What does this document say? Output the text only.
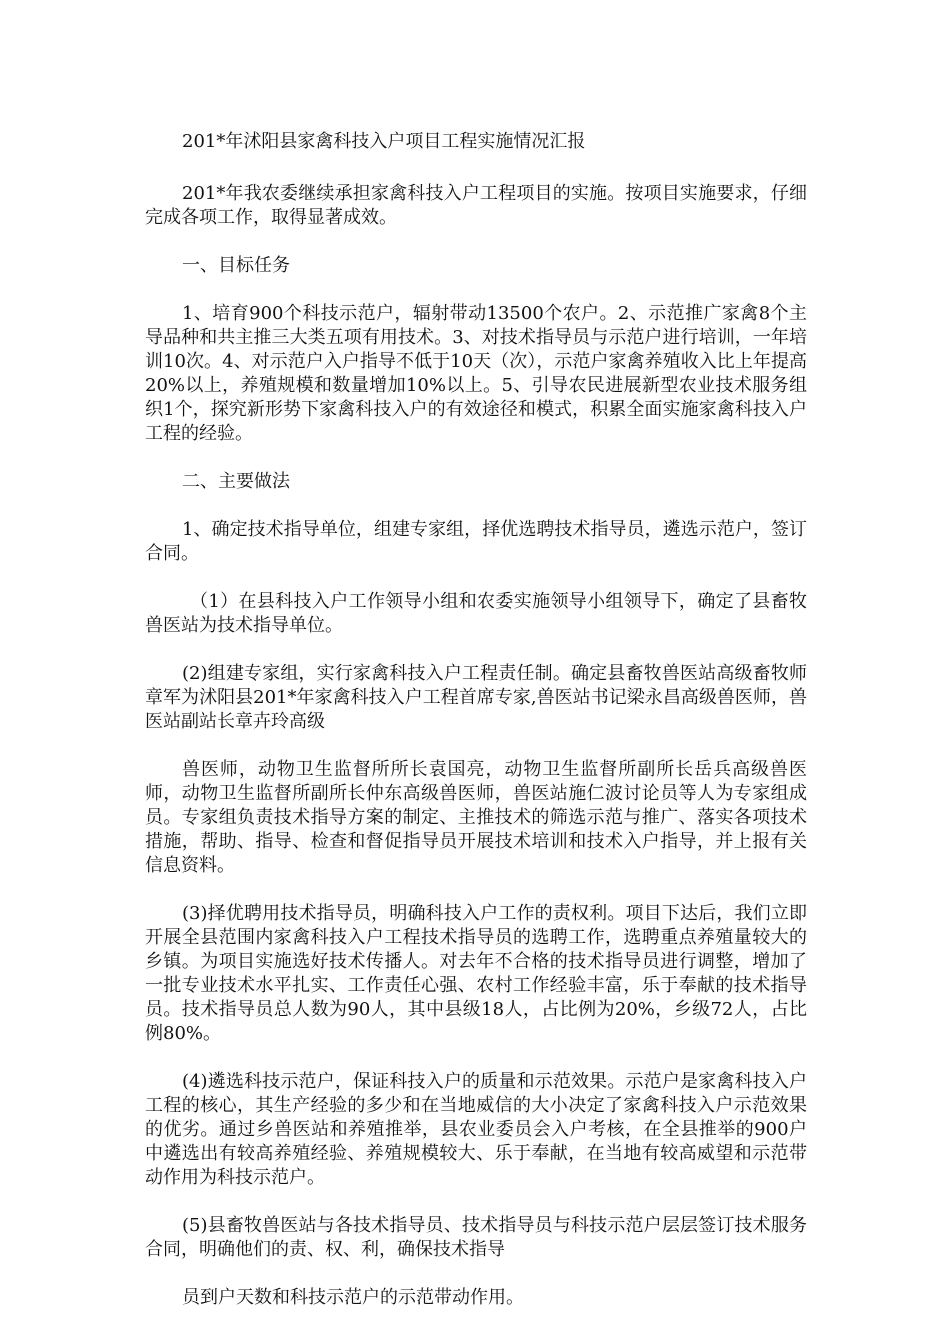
201*年沭阳县家禽科技入户项目工程实施情况汇报

201*年我农委继续承担家禽科技入户工程项目的实施。按项目实施要求，仔细完成各项工作，取得显著成效。

一、目标任务

1、培育900个科技示范户，辐射带动13500个农户。2、示范推广家禽8个主导品种和共主推三大类五项有用技术。3、对技术指导员与示范户进行培训，一年培训10次。4、对示范户入户指导不低于10天（次），示范户家禽养殖收入比上年提高20%以上，养殖规模和数量增加10%以上。5、引导农民进展新型农业技术服务组织1个，探究新形势下家禽科技入户的有效途径和模式，积累全面实施家禽科技入户工程的经验。

二、主要做法

1、确定技术指导单位，组建专家组，择优选聘技术指导员，遴选示范户，签订合同。

（1）在县科技入户工作领导小组和农委实施领导小组领导下，确定了县畜牧兽医站为技术指导单位。

(2)组建专家组，实行家禽科技入户工程责任制。确定县畜牧兽医站高级畜牧师章军为沭阳县201*年家禽科技入户工程首席专家,兽医站书记梁永昌高级兽医师，兽医站副站长章卉玲高级

兽医师，动物卫生监督所所长袁国亮，动物卫生监督所副所长岳兵高级兽医师，动物卫生监督所副所长仲东高级兽医师，兽医站施仁波讨论员等人为专家组成员。专家组负责技术指导方案的制定、主推技术的筛选示范与推广、落实各项技术措施，帮助、指导、检查和督促指导员开展技术培训和技术入户指导，并上报有关信息资料。

(3)择优聘用技术指导员，明确科技入户工作的责权利。项目下达后，我们立即开展全县范围内家禽科技入户工程技术指导员的选聘工作，选聘重点养殖量较大的乡镇。为项目实施选好技术传播人。对去年不合格的技术指导员进行调整，增加了一批专业技术水平扎实、工作责任心强、农村工作经验丰富，乐于奉献的技术指导员。技术指导员总人数为90人，其中县级18人，占比例为20%，乡级72人，占比例80%。

(4)遴选科技示范户，保证科技入户的质量和示范效果。示范户是家禽科技入户工程的核心，其生产经验的多少和在当地威信的大小决定了家禽科技入户示范效果的优劣。通过乡兽医站和养殖推举，县农业委员会入户考核，在全县推举的900户中遴选出有较高养殖经验、养殖规模较大、乐于奉献，在当地有较高威望和示范带动作用为科技示范户。

(5)县畜牧兽医站与各技术指导员、技术指导员与科技示范户层层签订技术服务合同，明确他们的责、权、利，确保技术指导

员到户天数和科技示范户的示范带动作用。
